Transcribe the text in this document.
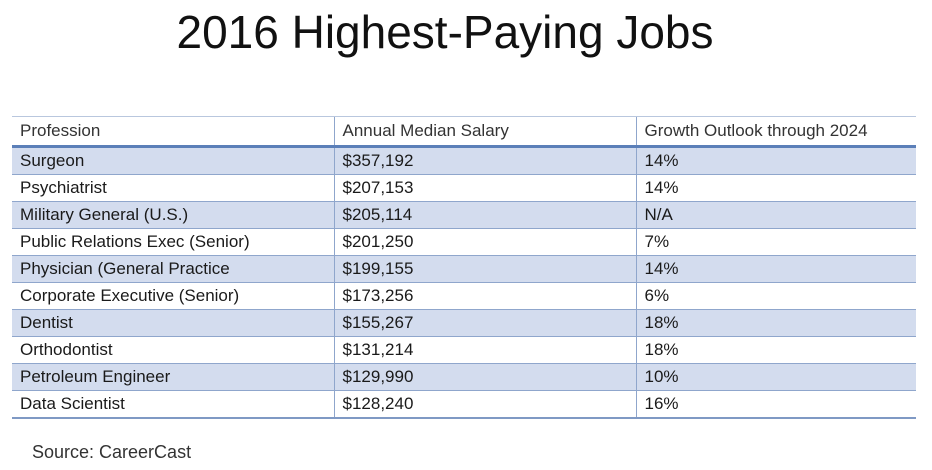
2016 Highest-Paying Jobs
Profession	Annual Median Salary	Growth Outlook through 2024
Surgeon	$357,192	14%
Psychiatrist	$207,153	14%
Military General (U.S.)	$205,114	N/A
Public Relations Exec (Senior)	$201,250	7%
Physician (General Practice	$199,155	14%
Corporate Executive (Senior)	$173,256	6%
Dentist	$155,267	18%
Orthodontist	$131,214	18%
Petroleum Engineer	$129,990	10%
Data Scientist	$128,240	16%
Source: CareerCast
